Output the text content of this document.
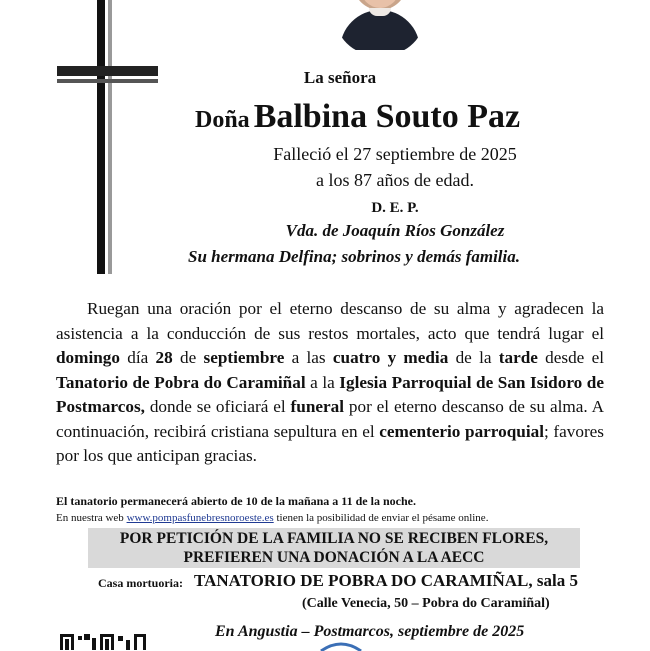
La señora
Doña Balbina Souto Paz
Falleció el 27 septiembre de 2025
a los 87 años de edad.
D. E. P.
Vda. de Joaquín Ríos González
Su hermana Delfina; sobrinos y demás familia.
Ruegan una oración por el eterno descanso de su alma y agradecen la asistencia a la conducción de sus restos mortales, acto que tendrá lugar el domingo día 28 de septiembre a las cuatro y media de la tarde desde el Tanatorio de Pobra do Caramiñal a la Iglesia Parroquial de San Isidoro de Postmarcos, donde se oficiará el funeral por el eterno descanso de su alma. A continuación, recibirá cristiana sepultura en el cementerio parroquial; favores por los que anticipan gracias.
El tanatorio permanecerá abierto de 10 de la mañana a 11 de la noche.
En nuestra web www.pompasfunebresnoroeste.es tienen la posibilidad de enviar el pésame online.
POR PETICIÓN DE LA FAMILIA NO SE RECIBEN FLORES,
PREFIEREN UNA DONACIÓN A LA AECC
Casa mortuoria: TANATORIO DE POBRA DO CARAMIÑAL, sala 5
(Calle Venecia, 50 – Pobra do Caramiñal)
En Angustia – Postmarcos, septiembre de 2025
